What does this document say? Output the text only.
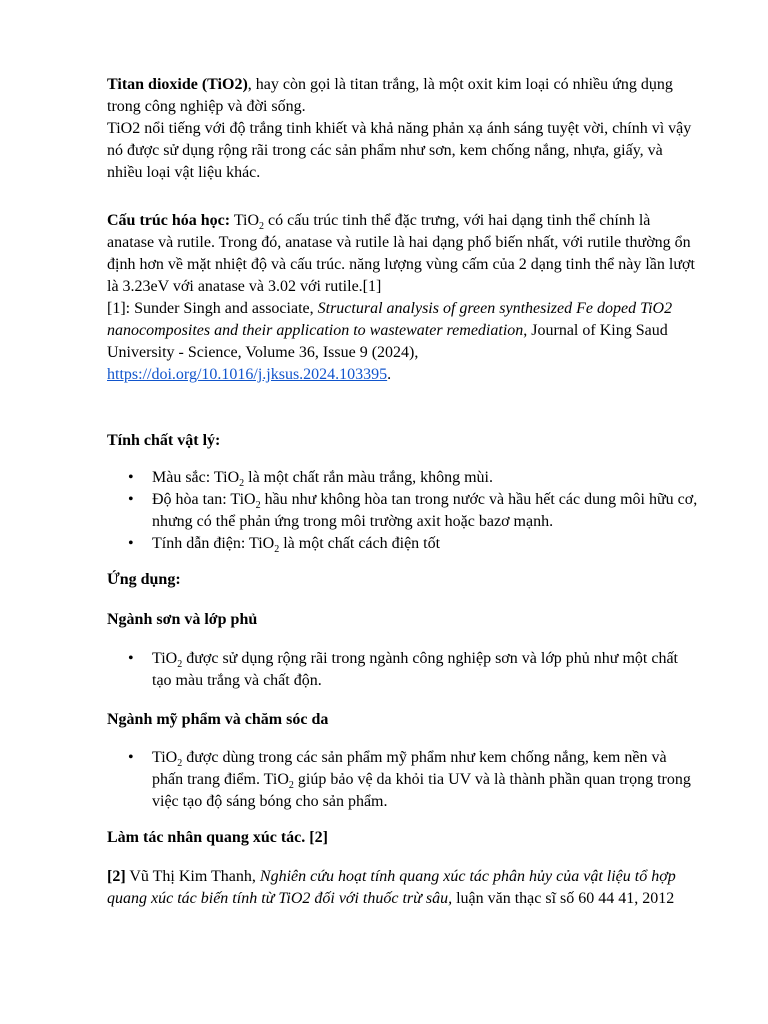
Titan dioxide (TiO2), hay còn gọi là titan trắng, là một oxit kim loại có nhiều ứng dụng trong công nghiệp và đời sống.

TiO2 nổi tiếng với độ trắng tinh khiết và khả năng phản xạ ánh sáng tuyệt vời, chính vì vậy nó được sử dụng rộng rãi trong các sản phẩm như sơn, kem chống nắng, nhựa, giấy, và nhiều loại vật liệu khác.

Cấu trúc hóa học: TiO$_2$ có cấu trúc tinh thể đặc trưng, với hai dạng tinh thể chính là anatase và rutile. Trong đó, anatase và rutile là hai dạng phổ biến nhất, với rutile thường ổn định hơn về mặt nhiệt độ và cấu trúc. năng lượng vùng cấm của 2 dạng tinh thể này lần lượt là 3.23eV với anatase và 3.02 với rutile.[1]

[1]: Sunder Singh and associate, Structural analysis of green synthesized Fe doped TiO2 nanocomposites and their application to wastewater remediation, Journal of King Saud University - Science, Volume 36, Issue 9 (2024), https://doi.org/10.1016/j.jksus.2024.103395.

Tính chất vật lý:

• Màu sắc: TiO$_2$ là một chất rắn màu trắng, không mùi.
• Độ hòa tan: TiO$_2$ hầu như không hòa tan trong nước và hầu hết các dung môi hữu cơ, nhưng có thể phản ứng trong môi trường axit hoặc bazơ mạnh.
• Tính dẫn điện: TiO$_2$ là một chất cách điện tốt

Ứng dụng:

Ngành sơn và lớp phủ

• TiO$_2$ được sử dụng rộng rãi trong ngành công nghiệp sơn và lớp phủ như một chất tạo màu trắng và chất độn.

Ngành mỹ phẩm và chăm sóc da

• TiO$_2$ được dùng trong các sản phẩm mỹ phẩm như kem chống nắng, kem nền và phấn trang điểm. TiO$_2$ giúp bảo vệ da khỏi tia UV và là thành phần quan trọng trong việc tạo độ sáng bóng cho sản phẩm.

Làm tác nhân quang xúc tác. [2]

[2] Vũ Thị Kim Thanh, Nghiên cứu hoạt tính quang xúc tác phân hủy của vật liệu tổ hợp quang xúc tác biến tính từ TiO2 đối với thuốc trừ sâu, luận văn thạc sĩ số 60 44 41, 2012
